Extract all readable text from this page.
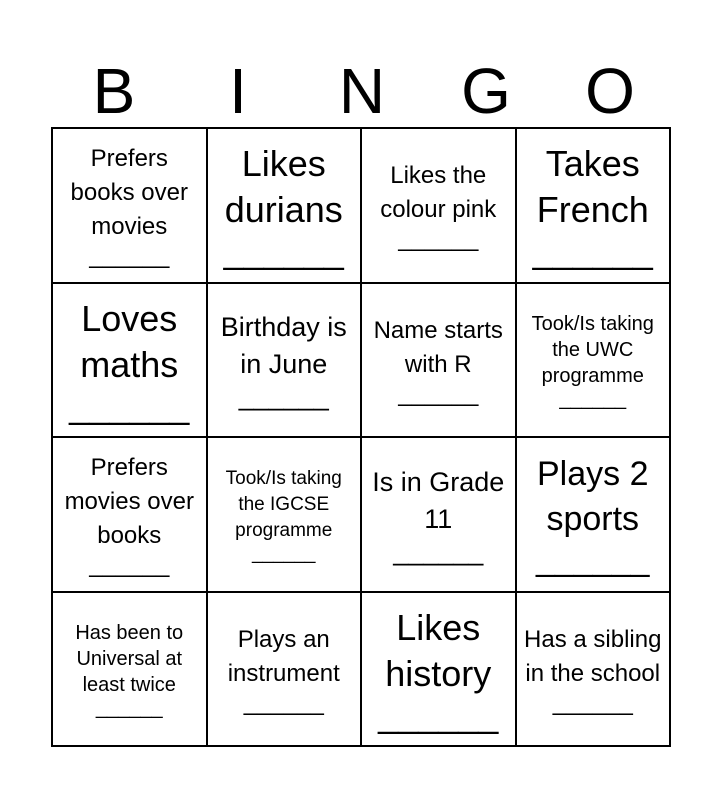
B	I	N	G	O
Prefers books over movies
______
Likes durians
______
Likes the colour pink
______
Takes French
______
Loves maths
______
Birthday is in June
______
Name starts with R
______
Took/Is taking the UWC programme
______
Prefers movies over books
______
Took/Is taking the IGCSE programme
______
Is in Grade 11
______
Plays 2 sports
______
Has been to Universal at least twice
______
Plays an instrument
______
Likes history
______
Has a sibling in the school
______
